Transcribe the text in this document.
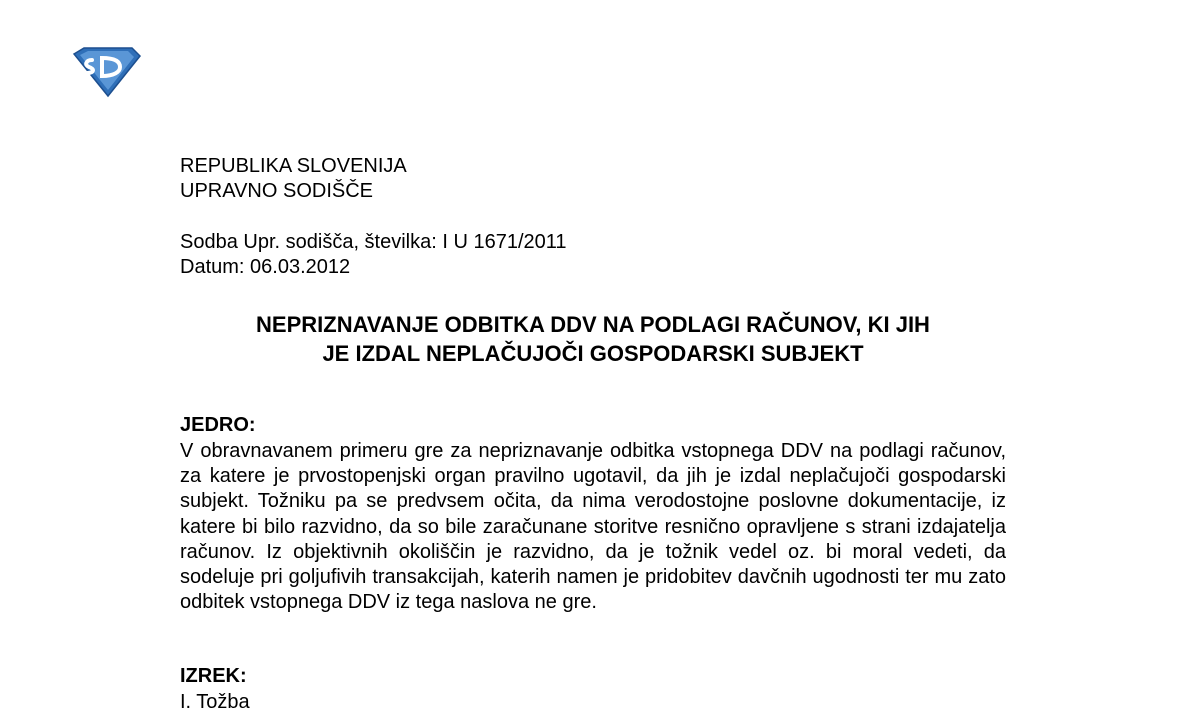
REPUBLIKA SLOVENIJA
UPRAVNO SODIŠČE
Sodba Upr. sodišča, številka: I U 1671/2011
Datum: 06.03.2012
NEPRIZNAVANJE ODBITKA DDV NA PODLAGI RAČUNOV, KI JIH
JE IZDAL NEPLAČUJOČI GOSPODARSKI SUBJEKT
JEDRO:
V obravnavanem primeru gre za nepriznavanje odbitka vstopnega DDV na podlagi računov, za katere je prvostopenjski organ pravilno ugotavil, da jih je izdal neplačujoči gospodarski subjekt. Tožniku pa se predvsem očita, da nima verodostojne poslovne dokumentacije, iz katere bi bilo razvidno, da so bile zaračunane storitve resnično opravljene s strani izdajatelja računov. Iz objektivnih okoliščin je razvidno, da je tožnik vedel oz. bi moral vedeti, da sodeluje pri goljufivih transakcijah, katerih namen je pridobitev davčnih ugodnosti ter mu zato odbitek vstopnega DDV iz tega naslova ne gre.
IZREK:
I. Tožba
